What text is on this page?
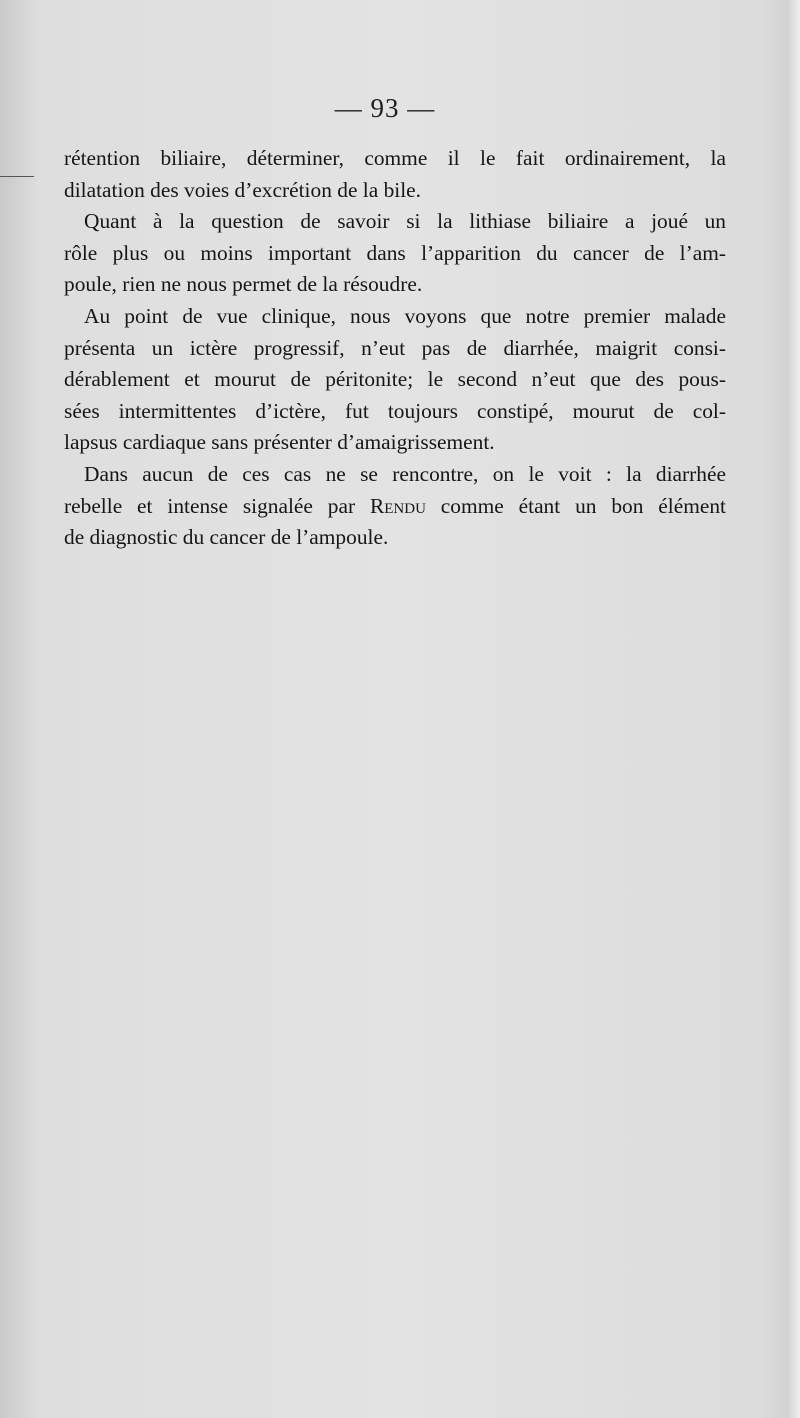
— 93 —
rétention biliaire, déterminer, comme il le fait ordinairement, la
dilatation des voies d’excrétion de la bile.
Quant à la question de savoir si la lithiase biliaire a joué un
rôle plus ou moins important dans l’apparition du cancer de l’am-
poule, rien ne nous permet de la résoudre.
Au point de vue clinique, nous voyons que notre premier malade
présenta un ictère progressif, n’eut pas de diarrhée, maigrit consi-
dérablement et mourut de péritonite; le second n’eut que des pous-
sées intermittentes d’ictère, fut toujours constipé, mourut de col-
lapsus cardiaque sans présenter d’amaigrissement.
Dans aucun de ces cas ne se rencontre, on le voit : la diarrhée
rebelle et intense signalée par Rendu comme étant un bon élément
de diagnostic du cancer de l’ampoule.
